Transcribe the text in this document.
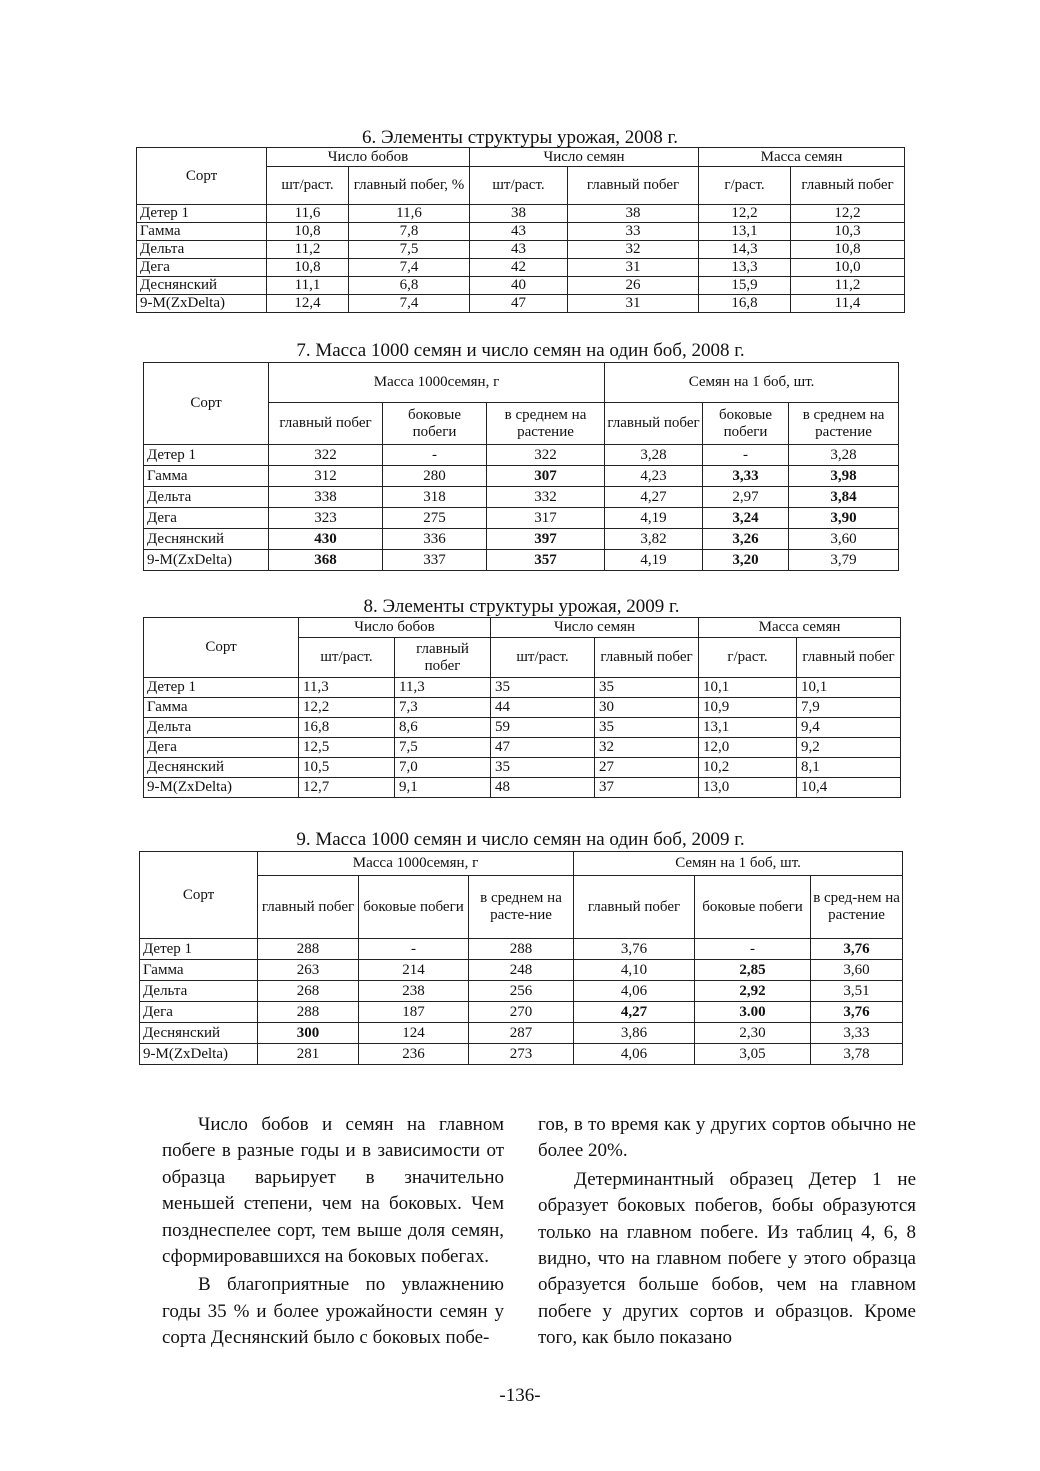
6. Элементы структуры урожая, 2008 г.
Сорт	Число бобов		Число семян		Масса семян	
	шт/раст.	главный побег, %	шт/раст.	главный побег	г/раст.	главный побег
Детер 1	11,6	11,6	38	38	12,2	12,2
Гамма	10,8	7,8	43	33	13,1	10,3
Дельта	11,2	7,5	43	32	14,3	10,8
Дега	10,8	7,4	42	31	13,3	10,0
Деснянский	11,1	6,8	40	26	15,9	11,2
9-M(ZxDelta)	12,4	7,4	47	31	16,8	11,4
7. Масса 1000 семян и число семян на один боб, 2008 г.
Сорт	Масса 1000семян, г			Семян на 1 боб, шт.		
	главный побег	боковые побеги	в среднем на растение	главный побег	боковые побеги	в среднем на растение
Детер 1	322	-	322	3,28	-	3,28
Гамма	312	280	307	4,23	3,33	3,98
Дельта	338	318	332	4,27	2,97	3,84
Дега	323	275	317	4,19	3,24	3,90
Деснянский	430	336	397	3,82	3,26	3,60
9-M(ZxDelta)	368	337	357	4,19	3,20	3,79
8. Элементы структуры урожая, 2009 г.
Сорт	Число бобов		Число семян		Масса семян	
	шт/раст.	главный побег	шт/раст.	главный побег	г/раст.	главный побег
Детер 1	11,3	11,3	35	35	10,1	10,1
Гамма	12,2	7,3	44	30	10,9	7,9
Дельта	16,8	8,6	59	35	13,1	9,4
Дега	12,5	7,5	47	32	12,0	9,2
Деснянский	10,5	7,0	35	27	10,2	8,1
9-M(ZxDelta)	12,7	9,1	48	37	13,0	10,4
9. Масса 1000 семян и число семян на один боб, 2009 г.
Сорт	Масса 1000семян, г			Семян на 1 боб, шт.		
	главный побег	боковые побеги	в среднем на расте-ние	главный побег	боковые побеги	в сред-нем на растение
Детер 1	288	-	288	3,76	-	3,76
Гамма	263	214	248	4,10	2,85	3,60
Дельта	268	238	256	4,06	2,92	3,51
Дега	288	187	270	4,27	3.00	3,76
Деснянский	300	124	287	3,86	2,30	3,33
9-M(ZxDelta)	281	236	273	4,06	3,05	3,78

Число бобов и семян на главном побеге в разные годы и в зависимости от образца варьирует в значительно меньшей степени, чем на боковых. Чем позднеспелее сорт, тем выше доля семян, сформировавшихся на боковых побегах.

В благоприятные по увлажнению годы 35 % и более урожайности семян у сорта Деснянский было с боковых побе-

гов, в то время как у других сортов обычно не более 20%.

Детерминантный образец Детер 1 не образует боковых побегов, бобы образуются только на главном побеге. Из таблиц 4, 6, 8 видно, что на главном побеге у этого образца образуется больше бобов, чем на главном побеге у других сортов и образцов. Кроме того, как было показано

-136-
